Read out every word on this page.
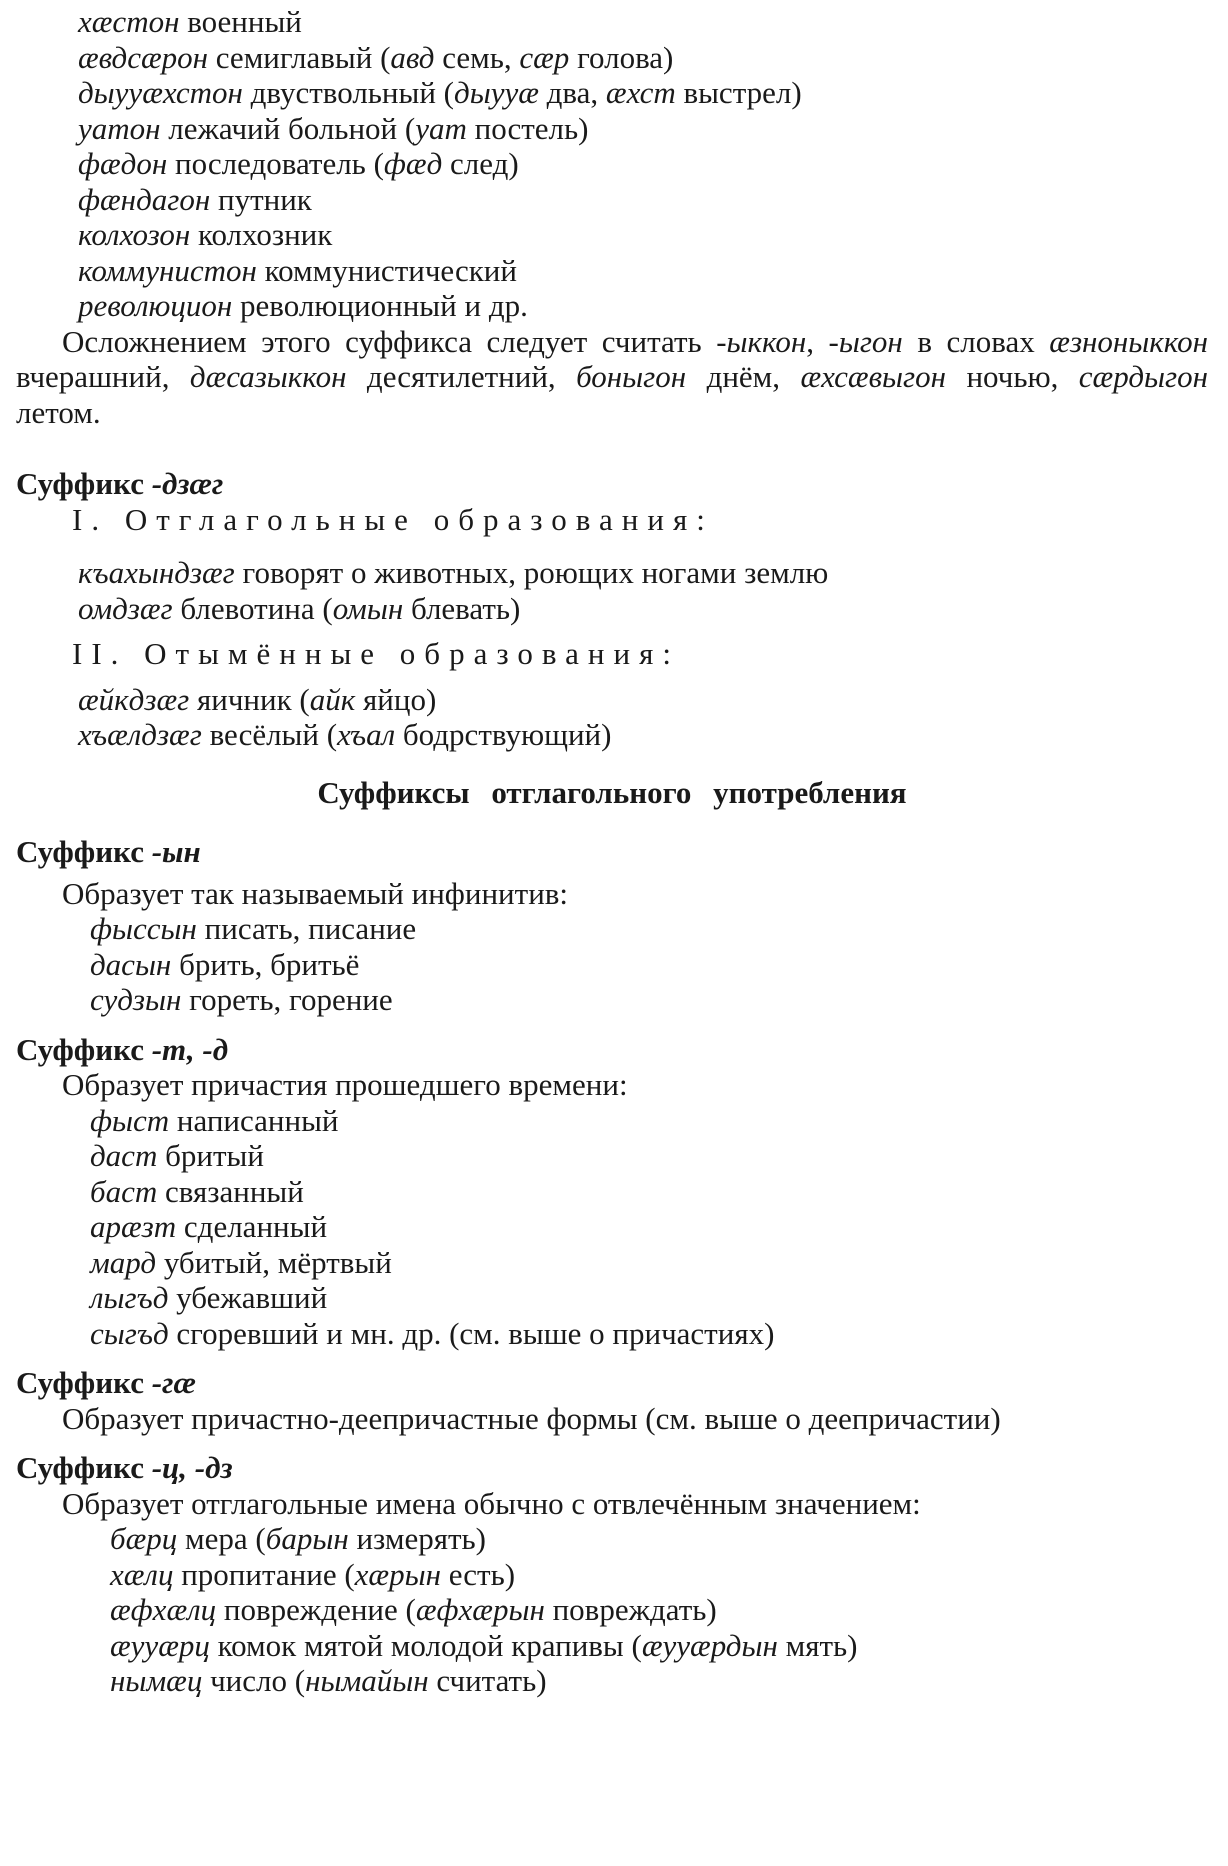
хæстон военный
æвдсæрон семиглавый (авд семь, сæр голова)
дыууæхстон двуствольный (дыууæ два, æхст выстрел)
уатон лежачий больной (уат постель)
фæдон последователь (фæд след)
фæндагон путник
колхозон колхозник
коммунистон коммунистический
революцион революционный и др.
Осложнением этого суффикса следует считать -ыккон, -ыгон в словах æзноныккон вчерашний, дæсазыккон десятилетний, боныгон днём, æхсæвыгон ночью, сæрдыгон летом.
Суффикс -дзæг
I. Отглагольные образования:
къахындзæг говорят о животных, роющих ногами землю
омдзæг блевотина (омын блевать)
II. Отымённые образования:
æйкдзæг яичник (айк яйцо)
хъæлдзæг весёлый (хъал бодрствующий)
Суффиксы отглагольного употребления
Суффикс -ын
Образует так называемый инфинитив:
фыссын писать, писание
дасын брить, бритьё
судзын гореть, горение
Суффикс -т, -д
Образует причастия прошедшего времени:
фыст написанный
даст бритый
баст связанный
арæзт сделанный
мард убитый, мёртвый
лыгъд убежавший
сыгъд сгоревший и мн. др. (см. выше о причастиях)
Суффикс -гæ
Образует причастно-деепричастные формы (см. выше о деепричастии)
Суффикс -ц, -дз
Образует отглагольные имена обычно с отвлечённым значением:
бæрц мера (барын измерять)
хæлц пропитание (хæрын есть)
æфхæлц повреждение (æфхæрын повреждать)
æууæрц комок мятой молодой крапивы (æууæрдын мять)
нымæц число (нымайын считать)
